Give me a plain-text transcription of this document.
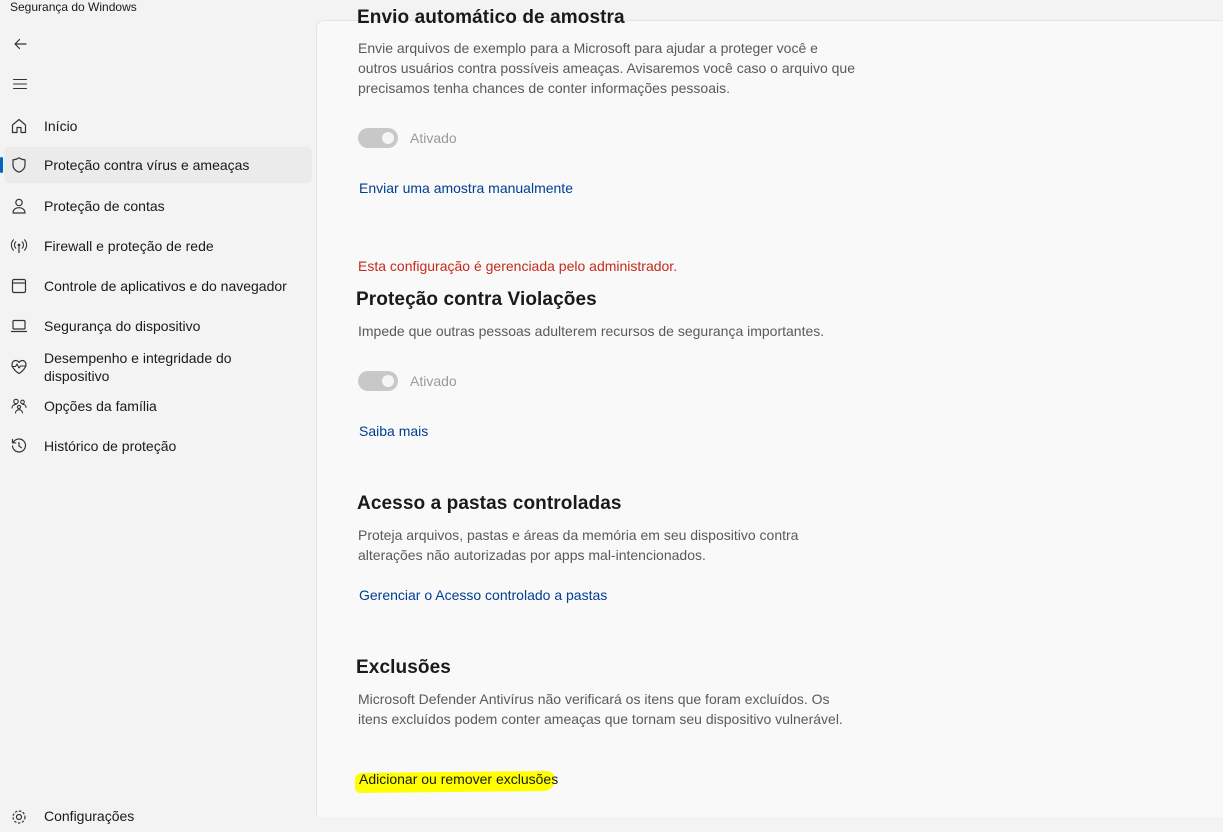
Segurança do Windows
Início
Proteção contra vírus e ameaças
Proteção de contas
Firewall e proteção de rede
Controle de aplicativos e do navegador
Segurança do dispositivo
Desempenho e integridade do dispositivo
Opções da família
Histórico de proteção
Configurações
Envio automático de amostra
Envie arquivos de exemplo para a Microsoft para ajudar a proteger você e outros usuários contra possíveis ameaças. Avisaremos você caso o arquivo que precisamos tenha chances de conter informações pessoais.
Ativado
Enviar uma amostra manualmente
Esta configuração é gerenciada pelo administrador.
Proteção contra Violações
Impede que outras pessoas adulterem recursos de segurança importantes.
Ativado
Saiba mais
Acesso a pastas controladas
Proteja arquivos, pastas e áreas da memória em seu dispositivo contra alterações não autorizadas por apps mal-intencionados.
Gerenciar o Acesso controlado a pastas
Exclusões
Microsoft Defender Antivírus não verificará os itens que foram excluídos. Os itens excluídos podem conter ameaças que tornam seu dispositivo vulnerável.
Adicionar ou remover exclusões
